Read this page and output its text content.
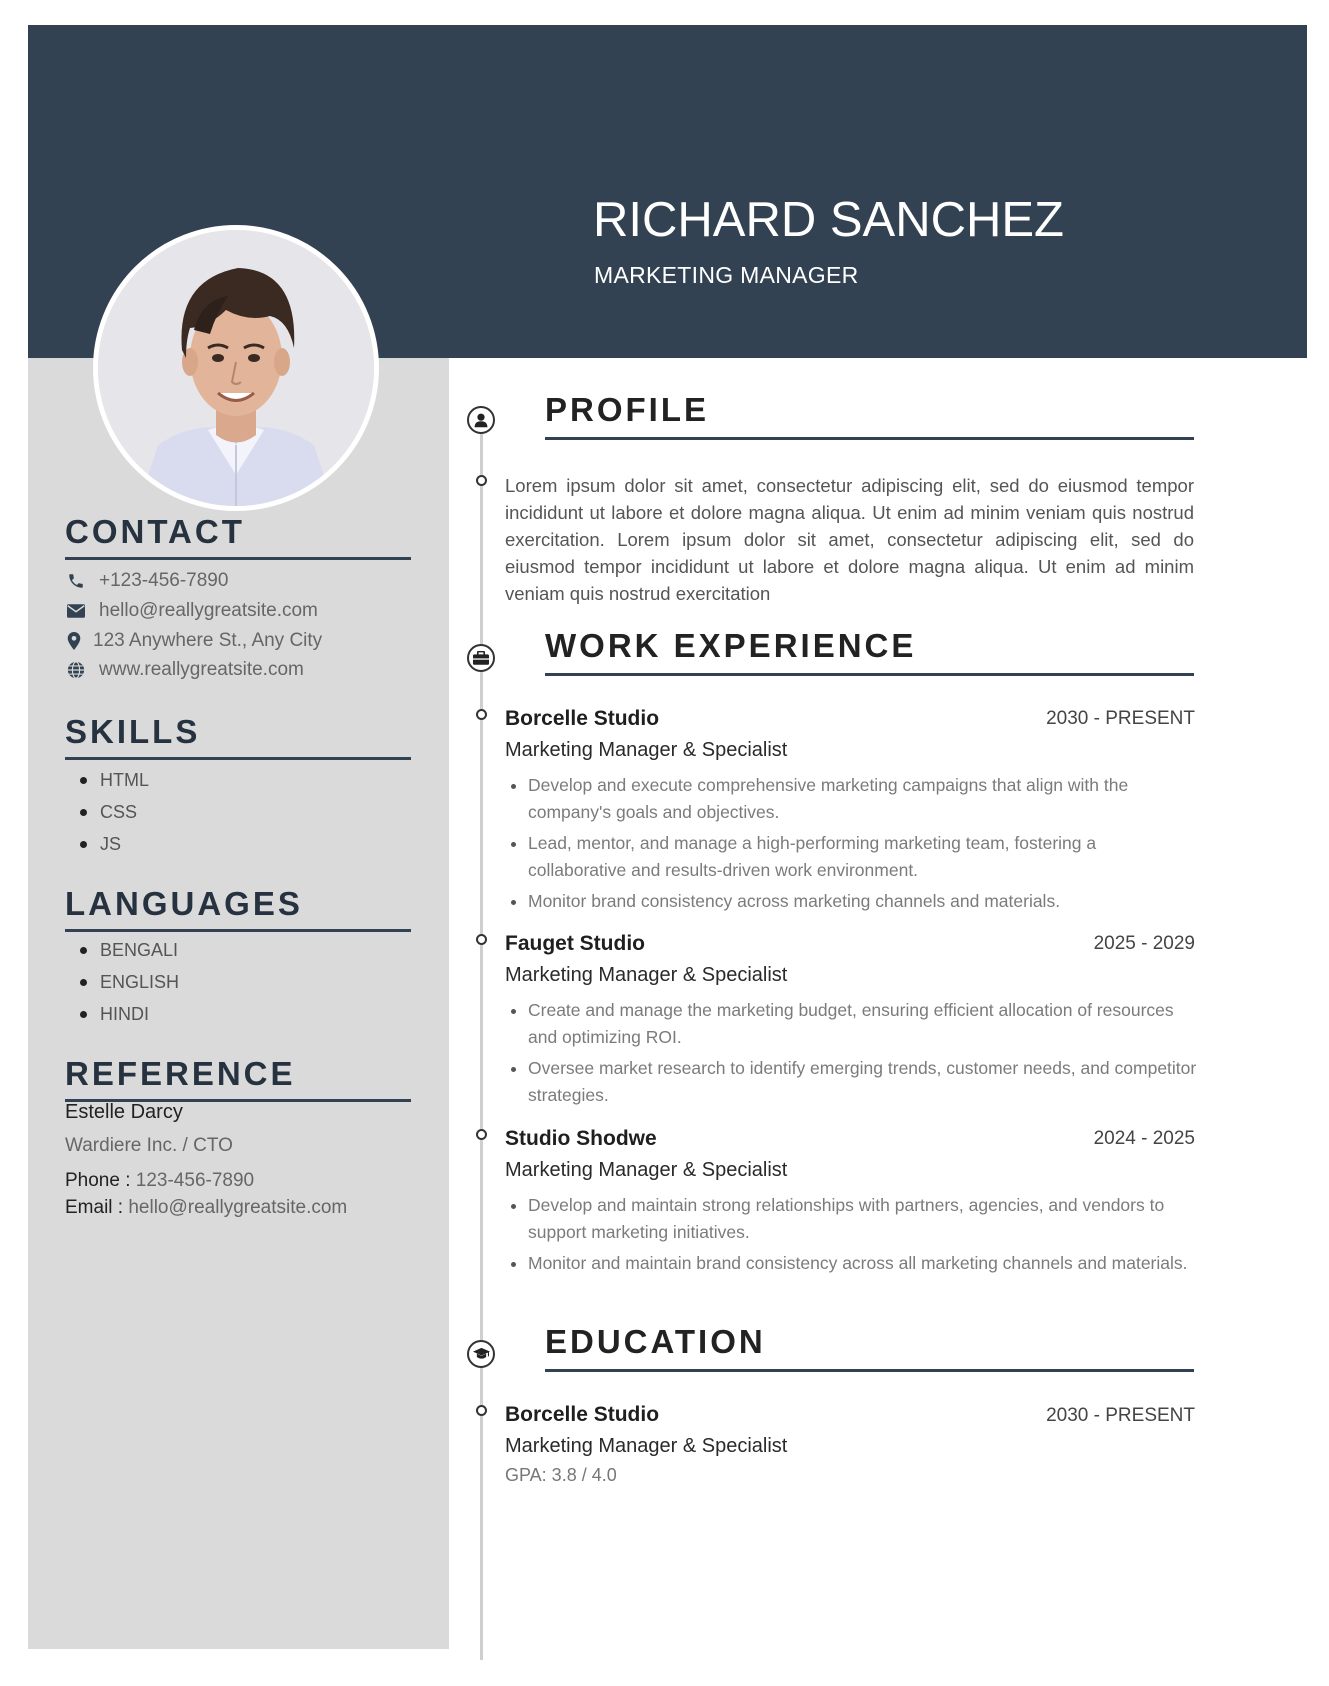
RICHARD SANCHEZ
MARKETING MANAGER
CONTACT
+123-456-7890
hello@reallygreatsite.com
123 Anywhere St., Any City
www.reallygreatsite.com
SKILLS
HTML
CSS
JS
LANGUAGES
BENGALI
ENGLISH
HINDI
REFERENCE
Estelle Darcy
Wardiere Inc. / CTO
Phone : 123-456-7890
Email : hello@reallygreatsite.com
PROFILE

Lorem ipsum dolor sit amet, consectetur adipiscing elit, sed do eiusmod tempor incididunt ut labore et dolore magna aliqua. Ut enim ad minim veniam quis nostrud exercitation. Lorem ipsum dolor sit amet, consectetur adipiscing elit, sed do eiusmod tempor incididunt ut labore et dolore magna aliqua. Ut enim ad minim veniam quis nostrud exercitation

WORK EXPERIENCE
Borcelle Studio	2030 - PRESENT
Marketing Manager & Specialist
Develop and execute comprehensive marketing campaigns that align with the company's goals and objectives.
Lead, mentor, and manage a high-performing marketing team, fostering a collaborative and results-driven work environment.
Monitor brand consistency across marketing channels and materials.
Fauget Studio	2025 - 2029
Marketing Manager & Specialist
Create and manage the marketing budget, ensuring efficient allocation of resources and optimizing ROI.
Oversee market research to identify emerging trends, customer needs, and competitor strategies.
Studio Shodwe	2024 - 2025
Marketing Manager & Specialist
Develop and maintain strong relationships with partners, agencies, and vendors to support marketing initiatives.
Monitor and maintain brand consistency across all marketing channels and materials.
EDUCATION
Borcelle Studio	2030 - PRESENT
Marketing Manager & Specialist
GPA: 3.8 / 4.0
